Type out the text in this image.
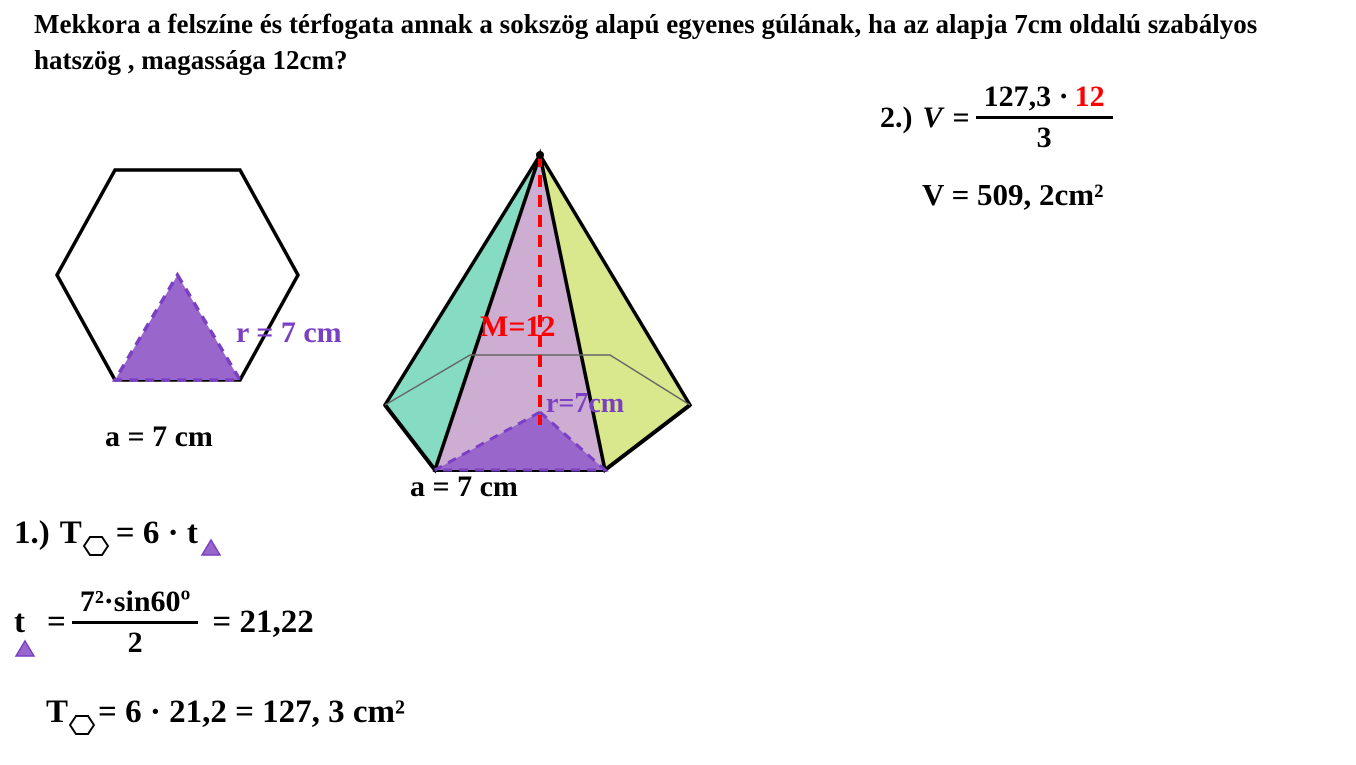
Mekkora a felszíne és térfogata annak a sokszög alapú egyenes gúlának, ha az alapja 7cm oldalú szabályos hatszög , magassága 12cm?
a = 7 cm
r = 7 cm
a = 7 cm
r=7cm
M=12
2.) $V = \frac{127,3 \cdot 12}{3}$
V = 509, 2cm²
1.) T = 6 · t
$t = \frac{\text{7²·sin60º}}{2} = 21,22$
T = 6 · 21,2 = 127, 3 cm²
